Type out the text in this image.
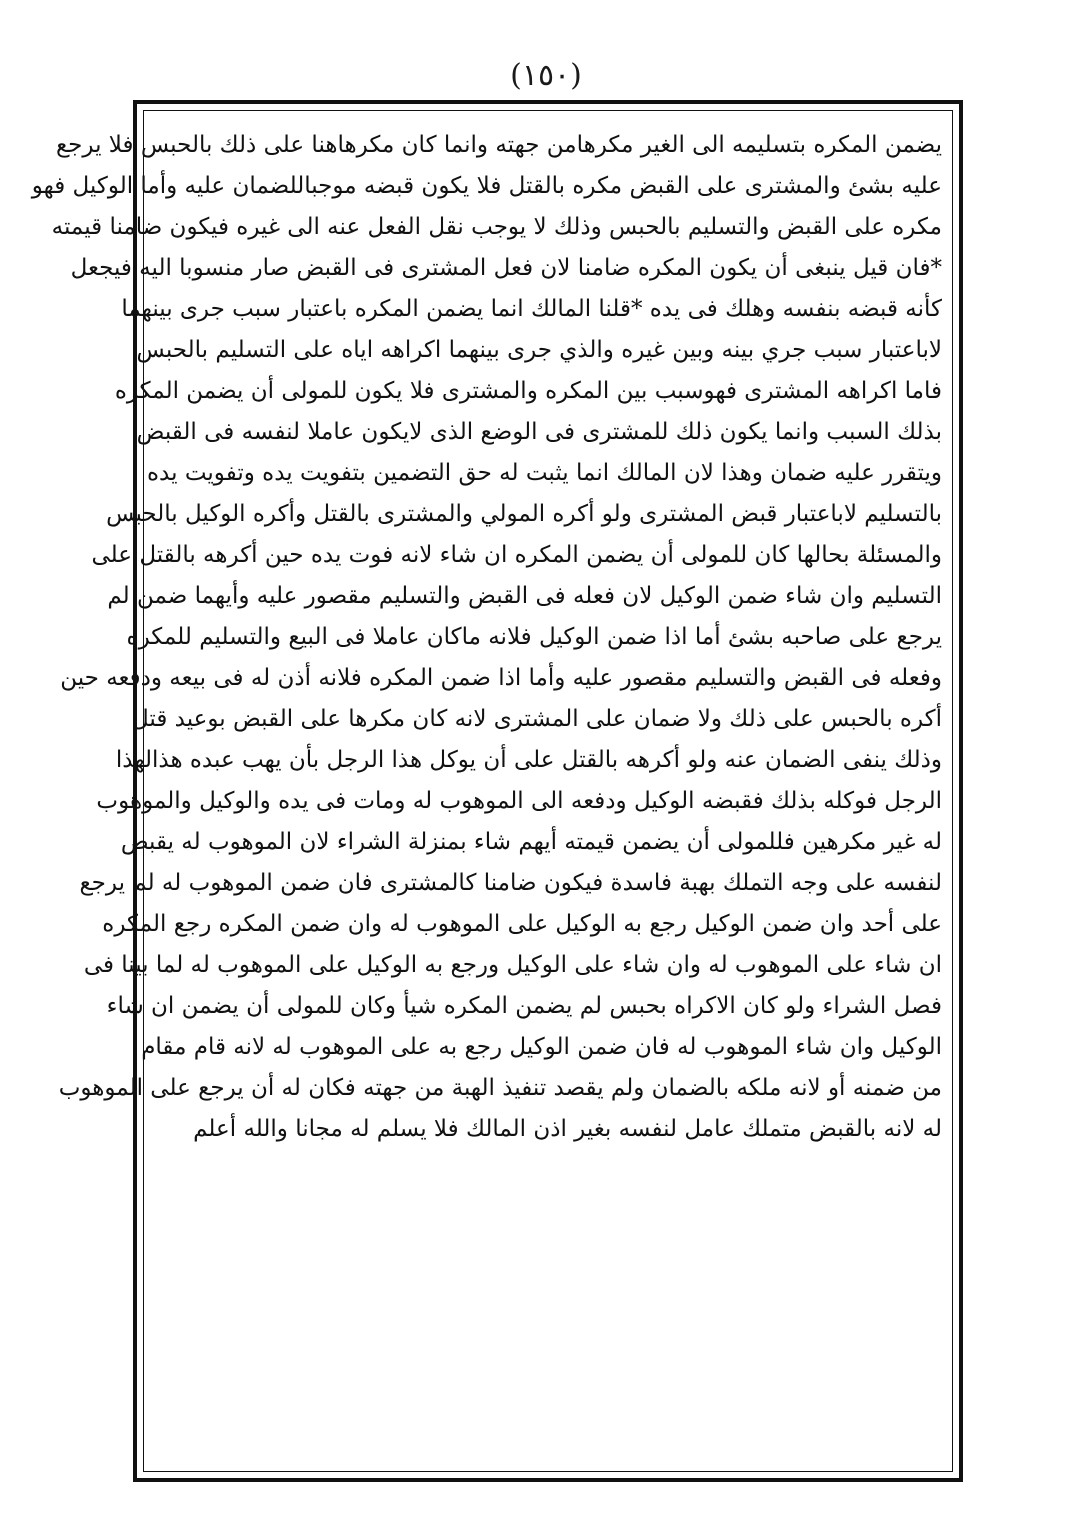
(١٥٠)
يضمن المكره بتسليمه الى الغير مكرهامن جهته وانما كان مكرهاهنا على ذلك بالحبس فلا يرجع
عليه بشئ والمشترى على القبض مكره بالقتل فلا يكون قبضه موجباللضمان عليه وأما الوكيل فهو
مكره على القبض والتسليم بالحبس وذلك لا يوجب نقل الفعل عنه الى غيره فيكون ضامنا قيمته
*فان قيل ينبغى أن يكون المكره ضامنا لان فعل المشترى فى القبض صار منسوبا اليه فيجعل
كأنه قبضه بنفسه وهلك فى يده *قلنا المالك انما يضمن المكره باعتبار سبب جرى بينهما
لاباعتبار سبب جري بينه وبين غيره والذي جرى بينهما اكراهه اياه على التسليم بالحبس
فاما اكراهه المشترى فهوسبب بين المكره والمشترى فلا يكون للمولى أن يضمن المكره
بذلك السبب وانما يكون ذلك للمشترى فى الوضع الذى لايكون عاملا لنفسه فى القبض
ويتقرر عليه ضمان وهذا لان المالك انما يثبت له حق التضمين بتفويت يده وتفويت يده
بالتسليم لاباعتبار قبض المشترى ولو أكره المولي والمشترى بالقتل وأكره الوكيل بالحبس
والمسئلة بحالها كان للمولى أن يضمن المكره ان شاء لانه فوت يده حين أكرهه بالقتل على
التسليم وان شاء ضمن الوكيل لان فعله فى القبض والتسليم مقصور عليه وأيهما ضمن لم
يرجع على صاحبه بشئ أما اذا ضمن الوكيل فلانه ماكان عاملا فى البيع والتسليم للمكره
وفعله فى القبض والتسليم مقصور عليه وأما اذا ضمن المكره فلانه أذن له فى بيعه ودفعه حين
أكره بالحبس على ذلك ولا ضمان على المشترى لانه كان مكرها على القبض بوعيد قتل
وذلك ينفى الضمان عنه ولو أكرهه بالقتل على أن يوكل هذا الرجل بأن يهب عبده هذالهذا
الرجل فوكله بذلك فقبضه الوكيل ودفعه الى الموهوب له ومات فى يده والوكيل والموهوب
له غير مكرهين فللمولى أن يضمن قيمته أيهم شاء بمنزلة الشراء لان الموهوب له يقبض
لنفسه على وجه التملك بهبة فاسدة فيكون ضامنا كالمشترى فان ضمن الموهوب له لم يرجع
على أحد وان ضمن الوكيل رجع به الوكيل على الموهوب له وان ضمن المكره رجع المكره
ان شاء على الموهوب له وان شاء على الوكيل ورجع به الوكيل على الموهوب له لما بينا فى
فصل الشراء ولو كان الاكراه بحبس لم يضمن المكره شيأ وكان للمولى أن يضمن ان شاء
الوكيل وان شاء الموهوب له فان ضمن الوكيل رجع به على الموهوب له لانه قام مقام
من ضمنه أو لانه ملكه بالضمان ولم يقصد تنفيذ الهبة من جهته فكان له أن يرجع على الموهوب
له لانه بالقبض متملك عامل لنفسه بغير اذن المالك فلا يسلم له مجانا والله أعلم
